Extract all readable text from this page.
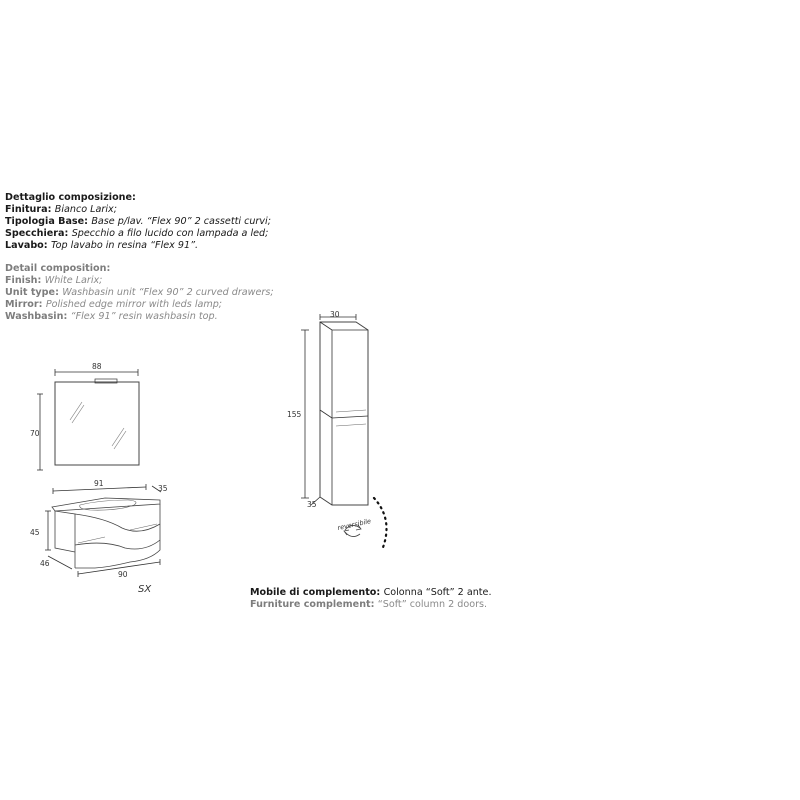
Dettaglio composizione:
Finitura: Bianco Larix;
Tipologia Base: Base p/lav. “Flex 90” 2 cassetti curvi;
Specchiera: Specchio a filo lucido con lampada a led;
Lavabo: Top lavabo in resina “Flex 91”.
Detail composition:
Finish: White Larix;
Unit type: Washbasin unit “Flex 90” 2 curved drawers;
Mirror: Polished edge mirror with leds lamp;
Washbasin: “Flex 91” resin washbasin top.
88
70
91
35
45
46
90
SX
30
155
35
reversibile
Mobile di complemento: Colonna “Soft” 2 ante.
Furniture complement: “Soft” column 2 doors.
